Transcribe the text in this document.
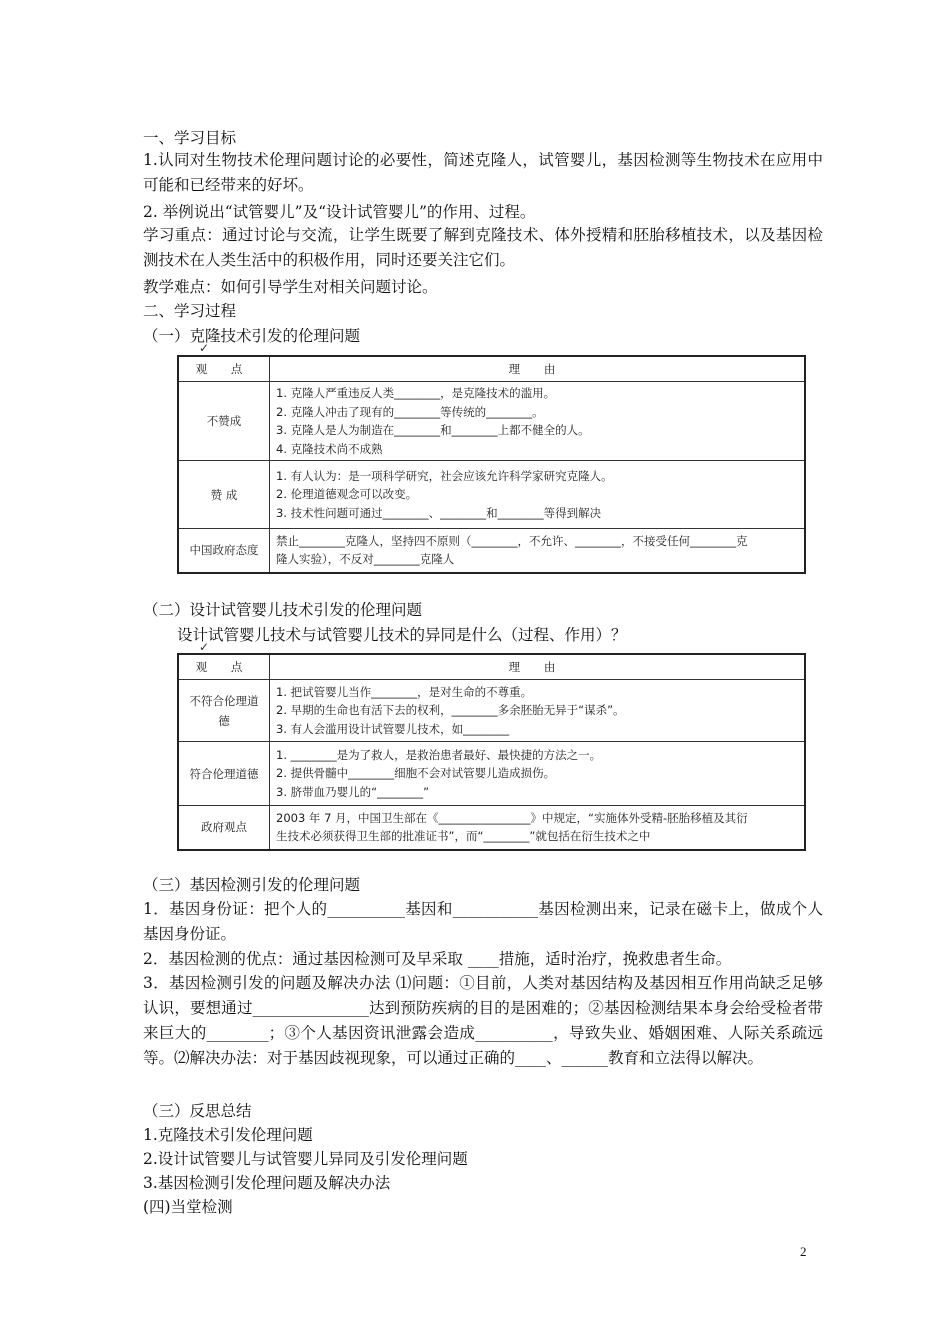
一、学习目标
1.认同对生物技术伦理问题讨论的必要性，简述克隆人，试管婴儿，基因检测等生物技术在应用中可能和已经带来的好坏。
2. 举例说出“试管婴儿”及“设计试管婴儿”的作用、过程。
学习重点：通过讨论与交流，让学生既要了解到克隆技术、体外授精和胚胎移植技术，以及基因检测技术在人类生活中的积极作用，同时还要关注它们。
教学难点：如何引导学生对相关问题讨论。
二、学习过程
（一）克隆技术引发的伦理问题
✓
观 点	理 由
不赞成	1. 克隆人严重违反人类________，是克隆技术的滥用。
2. 克隆人冲击了现有的________等传统的________。
3. 克隆人是人为制造在________和________上都不健全的人。
4. 克隆技术尚不成熟

赞 成	1. 有人认为：是一项科学研究，社会应该允许科学家研究克隆人。
2. 伦理道德观念可以改变。
3. 技术性问题可通过________、________和________等得到解决

中国政府态度	禁止________克隆人，坚持四不原则（________，不允许、________，不接受任何________克
隆人实验），不反对________克隆人
（二）设计试管婴儿技术引发的伦理问题
设计试管婴儿技术与试管婴儿技术的异同是什么（过程、作用）？
✓
观 点	理 由
不符合伦理道德	1. 把试管婴儿当作________，是对生命的不尊重。
2. 早期的生命也有活下去的权利，________多余胚胎无异于“谋杀”。
3. 有人会滥用设计试管婴儿技术，如________

符合伦理道德	1. ________是为了救人，是救治患者最好、最快捷的方法之一。
2. 提供骨髓中________细胞不会对试管婴儿造成损伤。
3. 脐带血乃婴儿的“________”

政府观点	2003 年 7 月，中国卫生部在《________________》中规定，“实施体外受精-胚胎移植及其衍
生技术必须获得卫生部的批准证书”，而“________”就包括在衍生技术之中
（三）基因检测引发的伦理问题
1．基因身份证：把个人的__________基因和___________基因检测出来，记录在磁卡上，做成个人基因身份证。
2．基因检测的优点：通过基因检测可及早采取 ____措施，适时治疗，挽救患者生命。
3．基因检测引发的问题及解决办法 ⑴问题：①目前，人类对基因结构及基因相互作用尚缺乏足够认识，要想通过_______________达到预防疾病的目的是困难的；②基因检测结果本身会给受检者带来巨大的________；③个人基因资讯泄露会造成__________，导致失业、婚姻困难、人际关系疏远等。⑵解决办法：对于基因歧视现象，可以通过正确的____、______教育和立法得以解决。
（三）反思总结
1.克隆技术引发伦理问题
2.设计试管婴儿与试管婴儿异同及引发伦理问题
3.基因检测引发伦理问题及解决办法
(四)当堂检测
2
